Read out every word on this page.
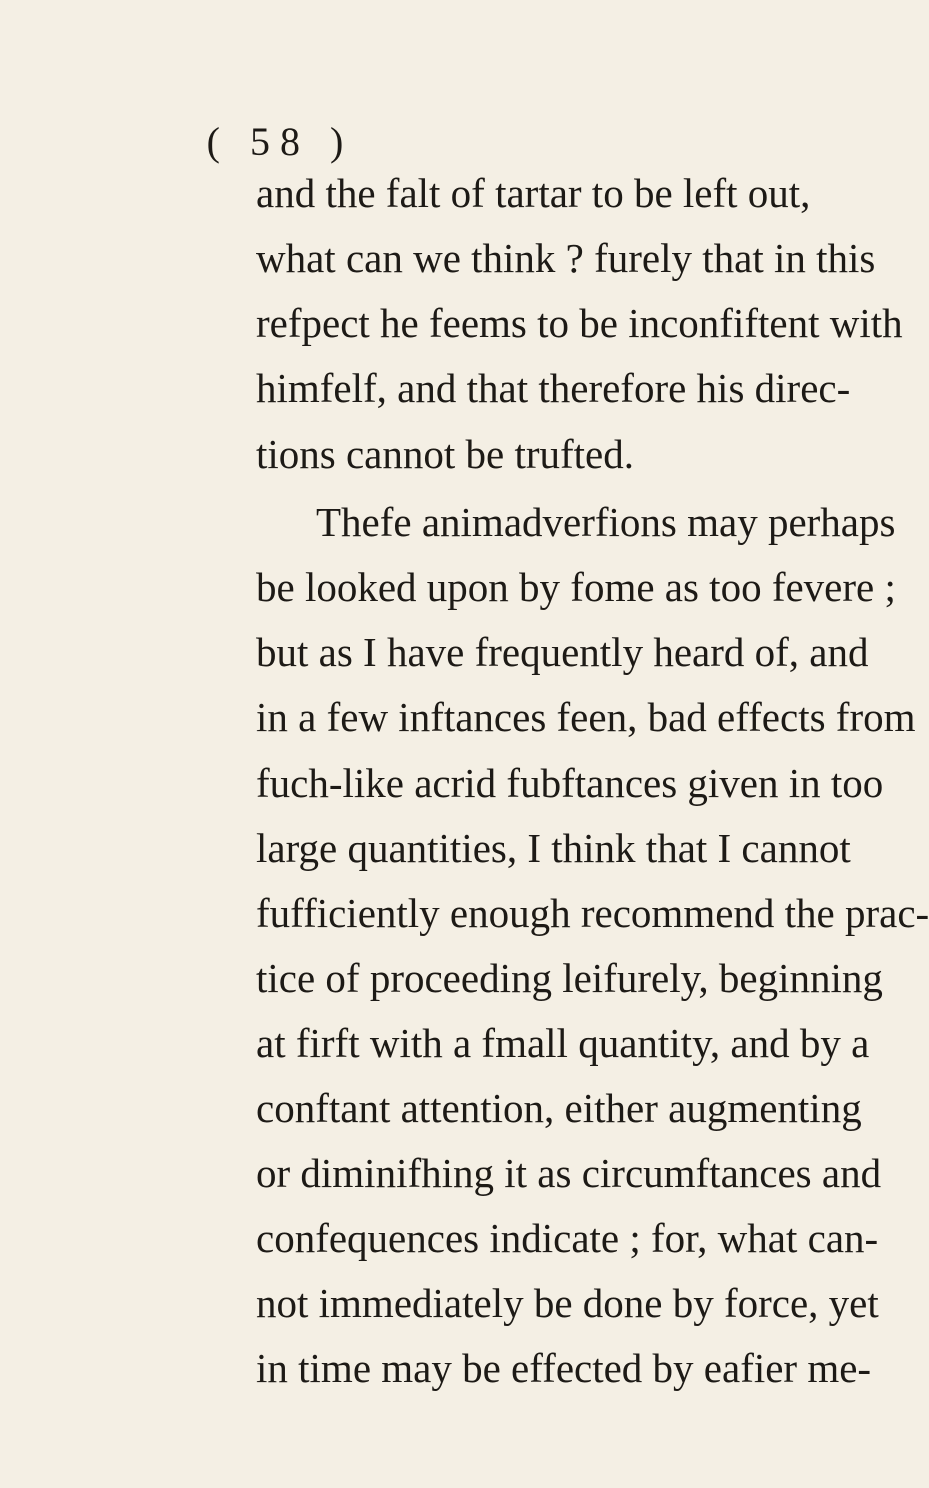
( 58 )
and the falt of tartar to be left out,
what can we think ? furely that in this
refpect he feems to be inconfiftent with
himfelf, and that therefore his direc-
tions cannot be trufted.
Thefe animadverfions may perhaps
be looked upon by fome as too fevere ;
but as I have frequently heard of, and
in a few inftances feen, bad effects from
fuch-like acrid fubftances given in too
large quantities, I think that I cannot
fufficiently enough recommend the prac-
tice of proceeding leifurely, beginning
at firft with a fmall quantity, and by a
conftant attention, either augmenting
or diminifhing it as circumftances and
confequences indicate ; for, what can-
not immediately be done by force, yet
in time may be effected by eafier me-
